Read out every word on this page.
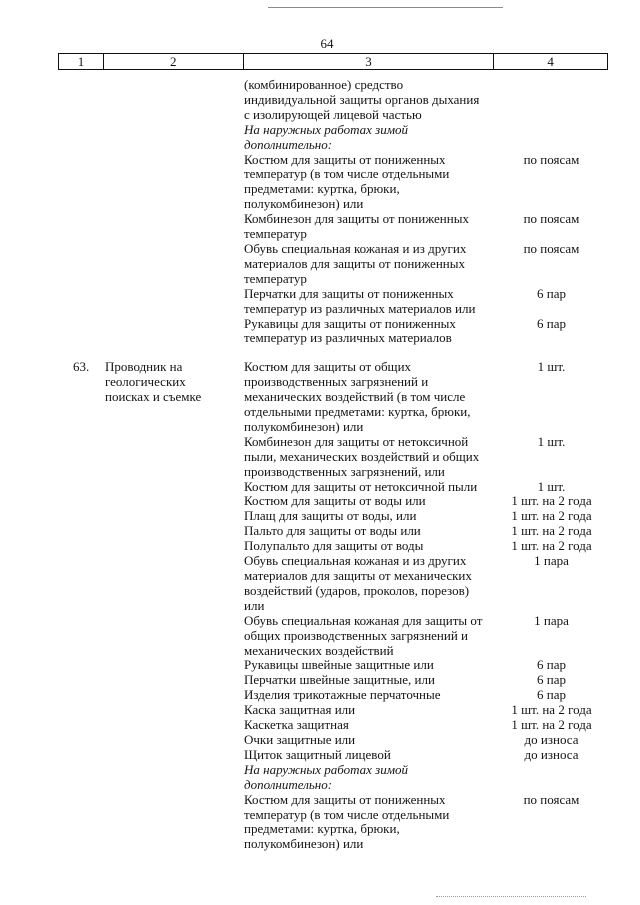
64
1	2	3	4
(комбинированное) средство
индивидуальной защиты органов дыхания
с изолирующей лицевой частью
На наружных работах зимой
дополнительно:
Костюм для защиты от пониженных	по поясам
температур (в том числе отдельными
предметами: куртка, брюки,
полукомбинезон) или
Комбинезон для защиты от пониженных	по поясам
температур
Обувь специальная кожаная и из других	по поясам
материалов для защиты от пониженных
температур
Перчатки для защиты от пониженных	6 пар
температур из различных материалов или
Рукавицы для защиты от пониженных	6 пар
температур из различных материалов
63.	Проводник на	Костюм для защиты от общих	1 шт.
геологических	производственных загрязнений и
поисках и съемке	механических воздействий (в том числе
отдельными предметами: куртка, брюки,
полукомбинезон) или
Комбинезон для защиты от нетоксичной	1 шт.
пыли, механических воздействий и общих
производственных загрязнений, или
Костюм для защиты от нетоксичной пыли	1 шт.
Костюм для защиты от воды или	1 шт. на 2 года
Плащ для защиты от воды, или	1 шт. на 2 года
Пальто для защиты от воды или	1 шт. на 2 года
Полупальто для защиты от воды	1 шт. на 2 года
Обувь специальная кожаная и из других	1 пара
материалов для защиты от механических
воздействий (ударов, проколов, порезов)
или
Обувь специальная кожаная для защиты от	1 пара
общих производственных загрязнений и
механических воздействий
Рукавицы швейные защитные или	6 пар
Перчатки швейные защитные, или	6 пар
Изделия трикотажные перчаточные	6 пар
Каска защитная или	1 шт. на 2 года
Каскетка защитная	1 шт. на 2 года
Очки защитные или	до износа
Щиток защитный лицевой	до износа
На наружных работах зимой
дополнительно:
Костюм для защиты от пониженных	по поясам
температур (в том числе отдельными
предметами: куртка, брюки,
полукомбинезон) или
